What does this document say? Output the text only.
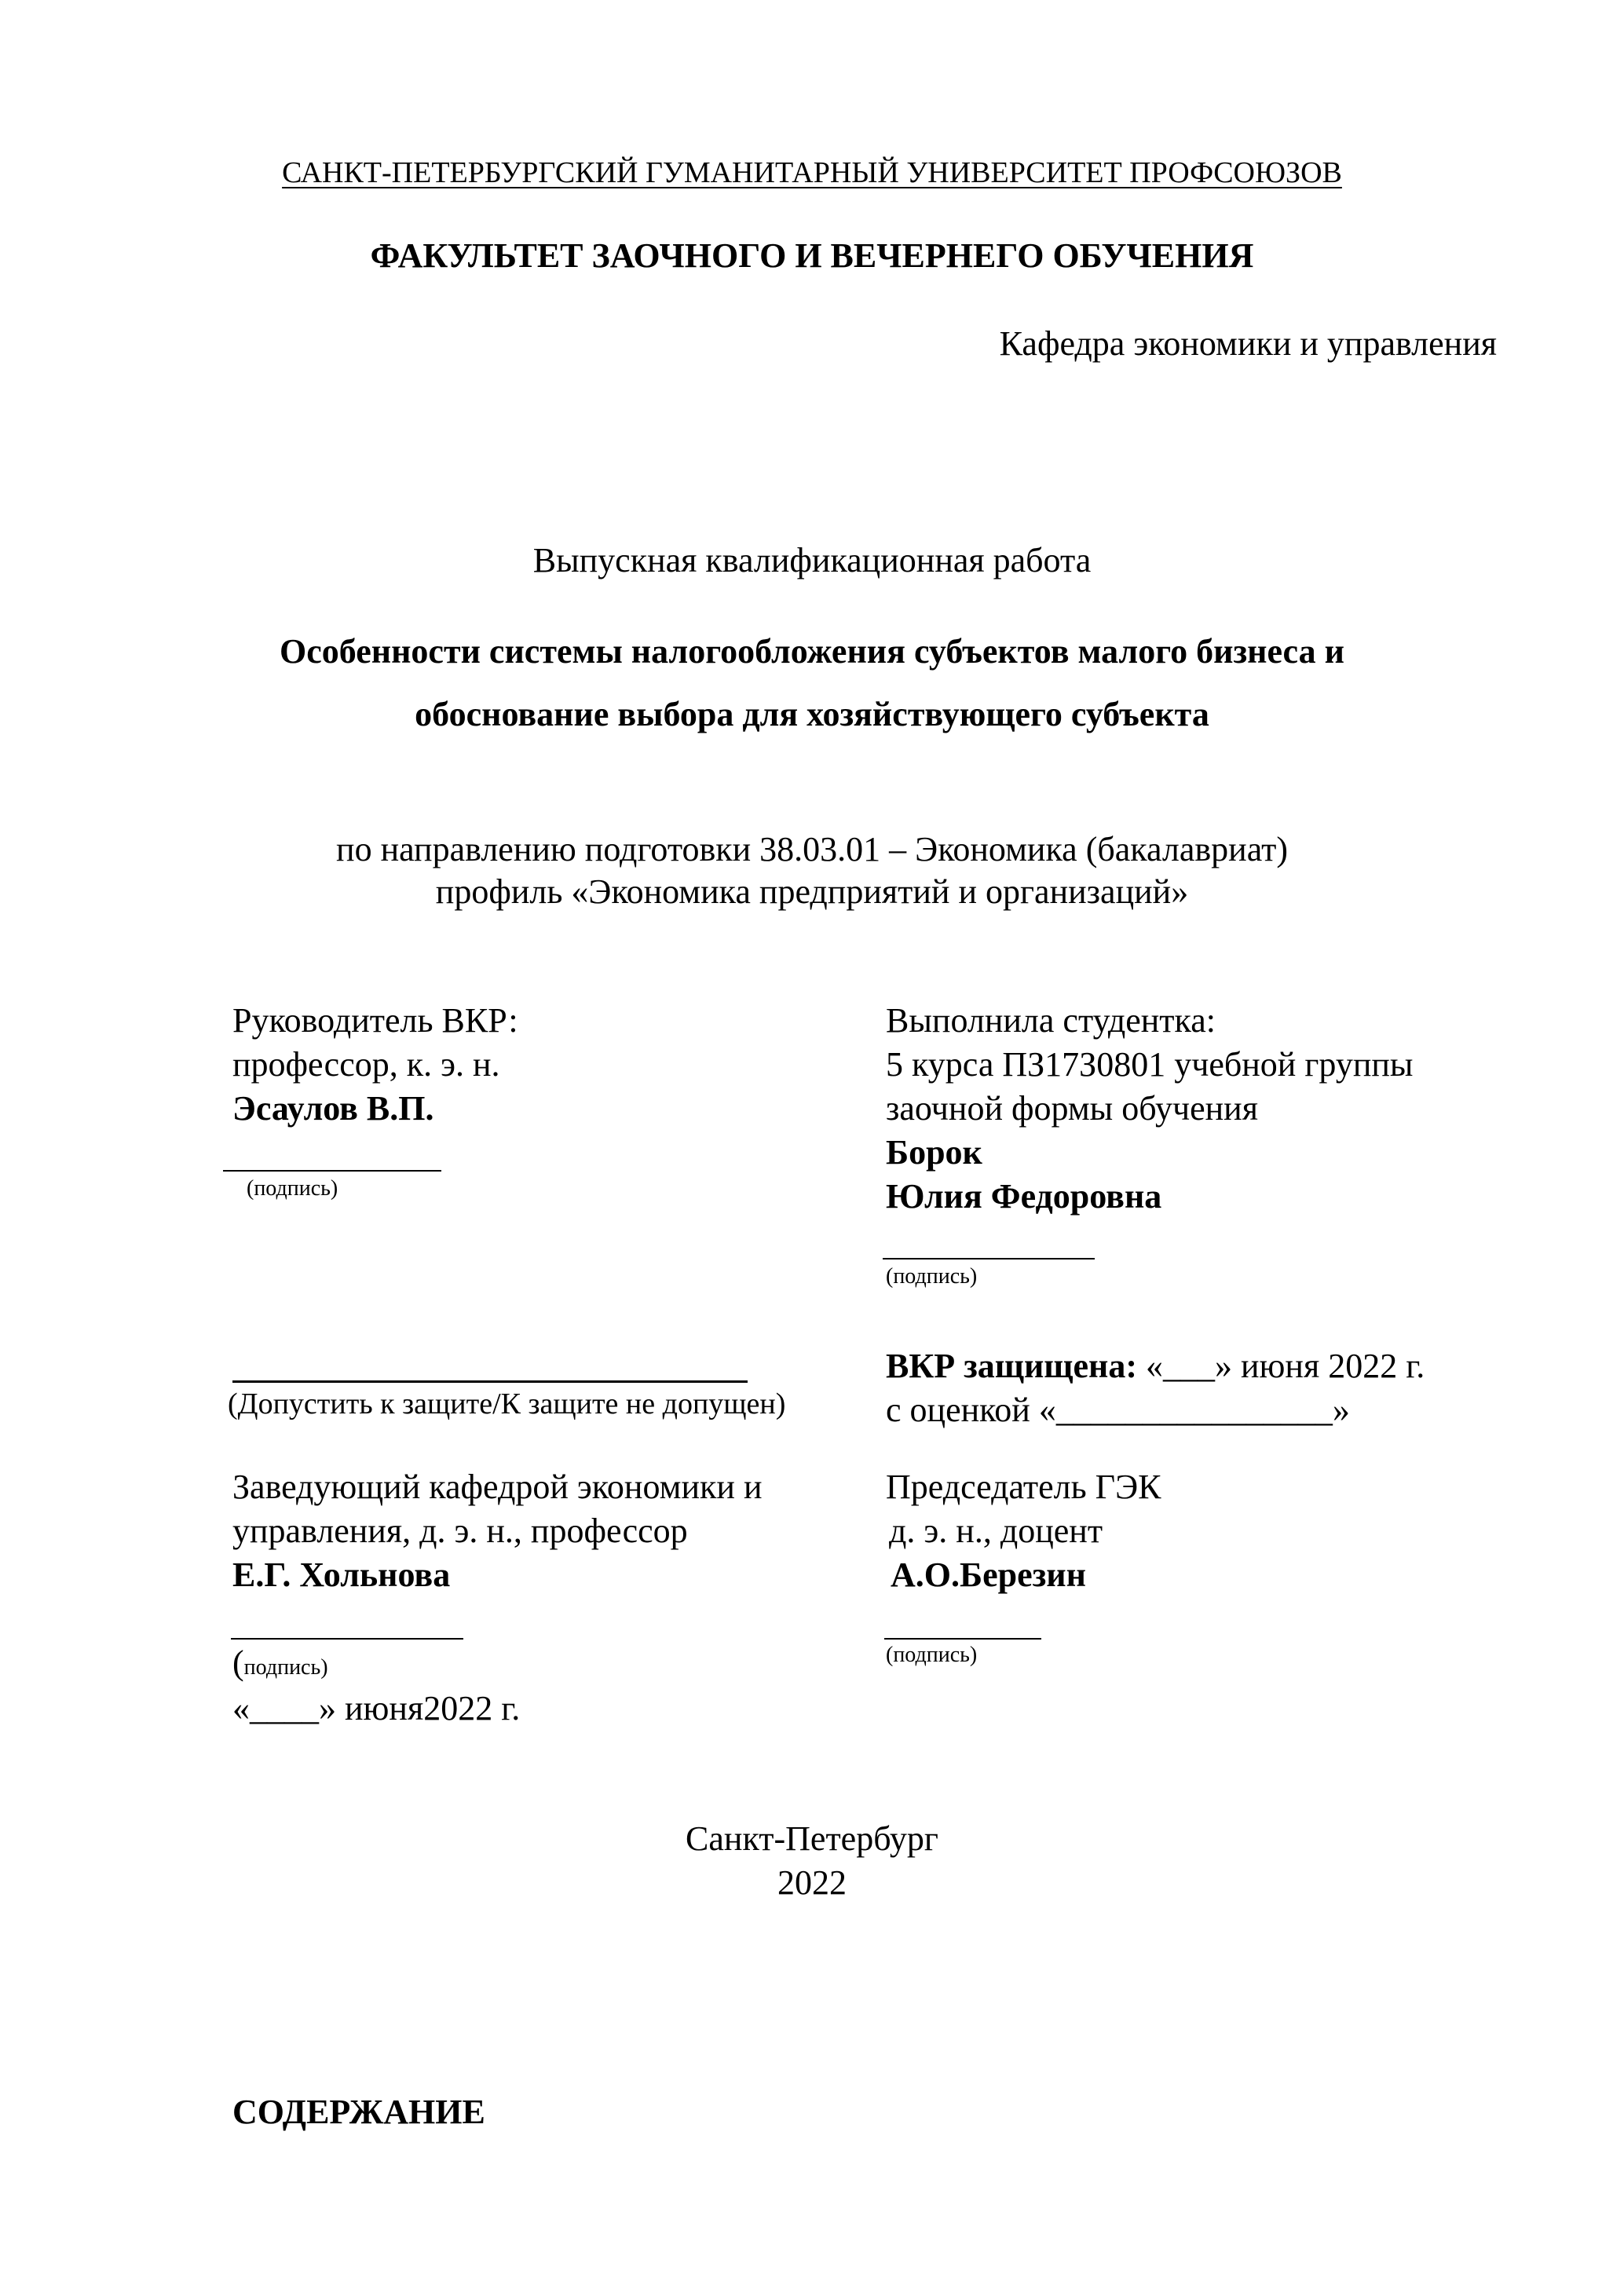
САНКТ-ПЕТЕРБУРГСКИЙ ГУМАНИТАРНЫЙ УНИВЕРСИТЕТ ПРОФСОЮЗОВ
ФАКУЛЬТЕТ ЗАОЧНОГО И ВЕЧЕРНЕГО ОБУЧЕНИЯ
Кафедра экономики и управления
Выпускная квалификационная работа
Особенности системы налогообложения субъектов малого бизнеса и
обоснование выбора для хозяйствующего субъекта
по направлению подготовки 38.03.01 – Экономика (бакалавриат)
профиль «Экономика предприятий и организаций»
Руководитель ВКР:
профессор, к. э. н.
Эсаулов В.П.
(подпись)
Выполнила студентка:
5 курса ПЗ17З0801 учебной группы
заочной формы обучения
Борок
Юлия Федоровна
(подпись)
(Допустить к защите/К защите не допущен)
ВКР защищена: «___» июня 2022 г.
с оценкой «________________»
Заведующий кафедрой экономики и
управления, д. э. н., профессор
Е.Г. Хольнова
(подпись)
«____» июня2022 г.
Председатель ГЭК
д. э. н., доцент
А.О.Березин
(подпись)
Санкт-Петербург
2022
СОДЕРЖАНИЕ
